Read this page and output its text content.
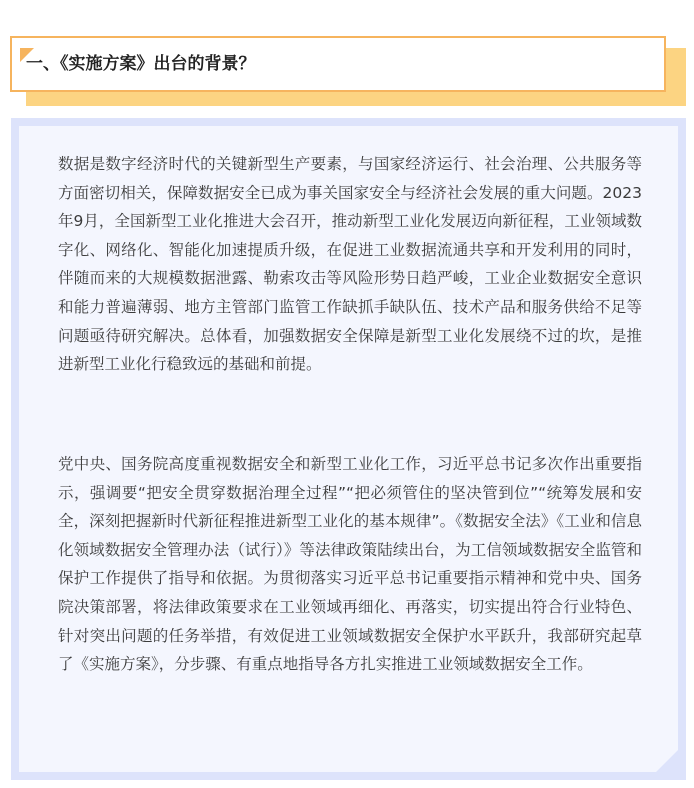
一、《实施方案》出台的背景？

数据是数字经济时代的关键新型生产要素，与国家经济运行、社会治理、公共服务等方面密切相关，保障数据安全已成为事关国家安全与经济社会发展的重大问题。2023年9月，全国新型工业化推进大会召开，推动新型工业化发展迈向新征程，工业领域数字化、网络化、智能化加速提质升级，在促进工业数据流通共享和开发利用的同时，伴随而来的大规模数据泄露、勒索攻击等风险形势日趋严峻，工业企业数据安全意识和能力普遍薄弱、地方主管部门监管工作缺抓手缺队伍、技术产品和服务供给不足等问题亟待研究解决。总体看，加强数据安全保障是新型工业化发展绕不过的坎，是推进新型工业化行稳致远的基础和前提。

党中央、国务院高度重视数据安全和新型工业化工作，习近平总书记多次作出重要指示，强调要“把安全贯穿数据治理全过程”“把必须管住的坚决管到位”“统筹发展和安全，深刻把握新时代新征程推进新型工业化的基本规律”。《数据安全法》《工业和信息化领域数据安全管理办法（试行）》等法律政策陆续出台，为工信领域数据安全监管和保护工作提供了指导和依据。为贯彻落实习近平总书记重要指示精神和党中央、国务院决策部署，将法律政策要求在工业领域再细化、再落实，切实提出符合行业特色、针对突出问题的任务举措，有效促进工业领域数据安全保护水平跃升，我部研究起草了《实施方案》，分步骤、有重点地指导各方扎实推进工业领域数据安全工作。
